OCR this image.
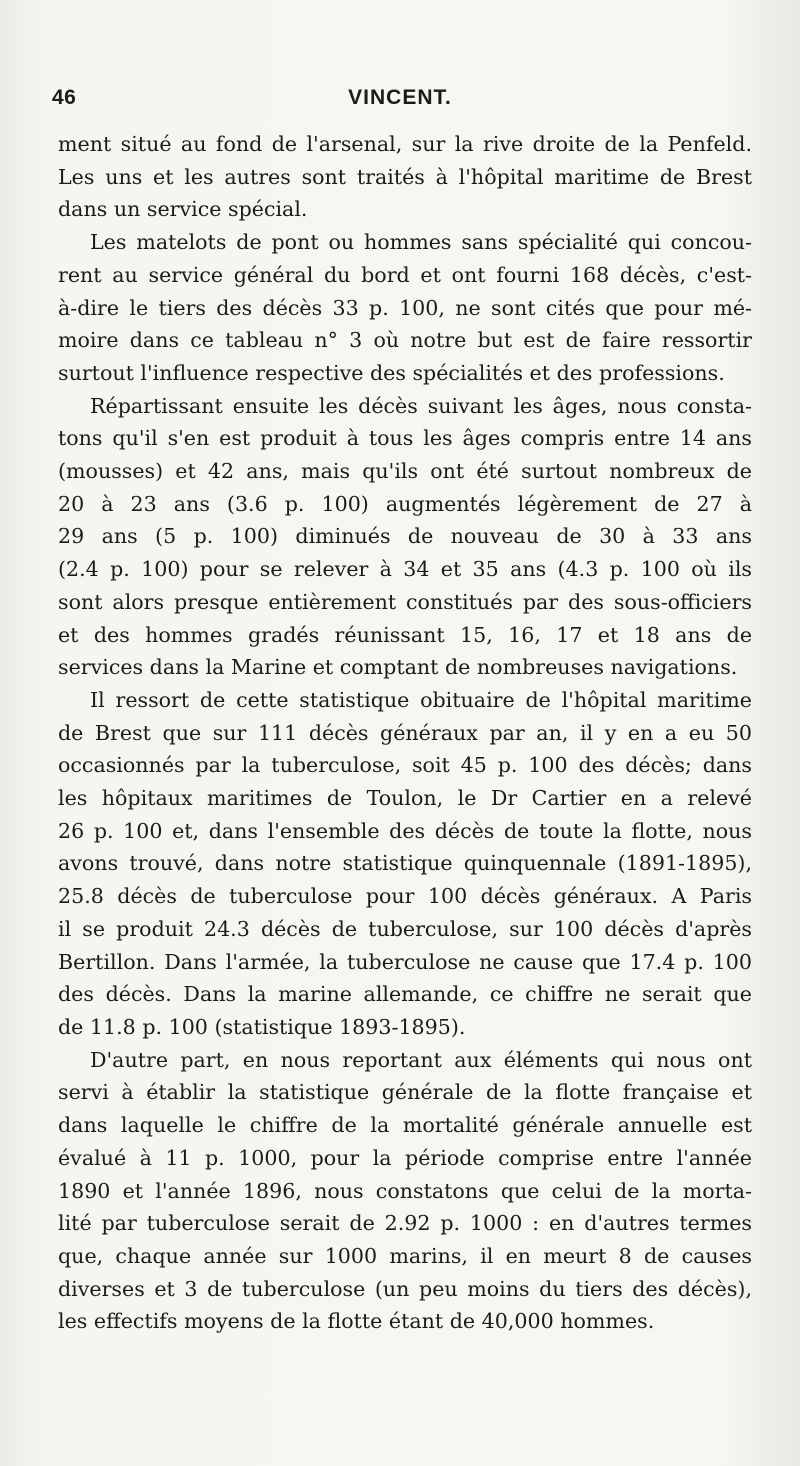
46	VINCENT.
ment situé au fond de l'arsenal, sur la rive droite de la Penfeld.
Les uns et les autres sont traités à l'hôpital maritime de Brest
dans un service spécial.
Les matelots de pont ou hommes sans spécialité qui concou-
rent au service général du bord et ont fourni 168 décès, c'est-
à-dire le tiers des décès 33 p. 100, ne sont cités que pour mé-
moire dans ce tableau n° 3 où notre but est de faire ressortir
surtout l'influence respective des spécialités et des professions.
Répartissant ensuite les décès suivant les âges, nous consta-
tons qu'il s'en est produit à tous les âges compris entre 14 ans
(mousses) et 42 ans, mais qu'ils ont été surtout nombreux de
20 à 23 ans (3.6 p. 100) augmentés légèrement de 27 à
29 ans (5 p. 100) diminués de nouveau de 30 à 33 ans
(2.4 p. 100) pour se relever à 34 et 35 ans (4.3 p. 100 où ils
sont alors presque entièrement constitués par des sous-officiers
et des hommes gradés réunissant 15, 16, 17 et 18 ans de
services dans la Marine et comptant de nombreuses navigations.
Il ressort de cette statistique obituaire de l'hôpital maritime
de Brest que sur 111 décès généraux par an, il y en a eu 50
occasionnés par la tuberculose, soit 45 p. 100 des décès; dans
les hôpitaux maritimes de Toulon, le Dr Cartier en a relevé
26 p. 100 et, dans l'ensemble des décès de toute la flotte, nous
avons trouvé, dans notre statistique quinquennale (1891-1895),
25.8 décès de tuberculose pour 100 décès généraux. A Paris
il se produit 24.3 décès de tuberculose, sur 100 décès d'après
Bertillon. Dans l'armée, la tuberculose ne cause que 17.4 p. 100
des décès. Dans la marine allemande, ce chiffre ne serait que
de 11.8 p. 100 (statistique 1893-1895).
D'autre part, en nous reportant aux éléments qui nous ont
servi à établir la statistique générale de la flotte française et
dans laquelle le chiffre de la mortalité générale annuelle est
évalué à 11 p. 1000, pour la période comprise entre l'année
1890 et l'année 1896, nous constatons que celui de la morta-
lité par tuberculose serait de 2.92 p. 1000 : en d'autres termes
que, chaque année sur 1000 marins, il en meurt 8 de causes
diverses et 3 de tuberculose (un peu moins du tiers des décès),
les effectifs moyens de la flotte étant de 40,000 hommes.
